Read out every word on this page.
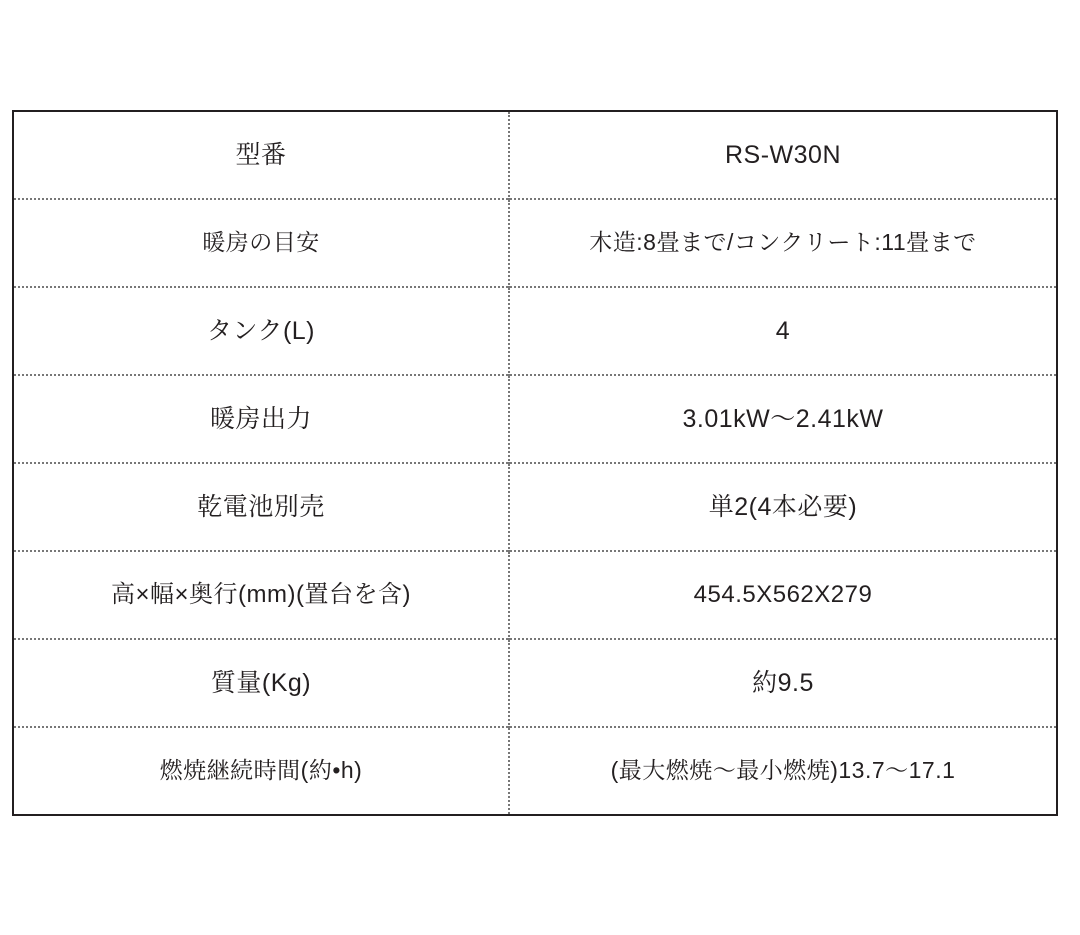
型番	RS-W30N

暖房の目安	木造:8畳まで/コンクリート:11畳まで

タンク(L)	4

暖房出力	3.01kW〜2.41kW

乾電池別売	単2(4本必要)

高×幅×奥行(mm)(置台を含)	454.5X562X279

質量(Kg)	約9.5

燃焼継続時間(約•h)	(最大燃焼〜最小燃焼)13.7〜17.1
